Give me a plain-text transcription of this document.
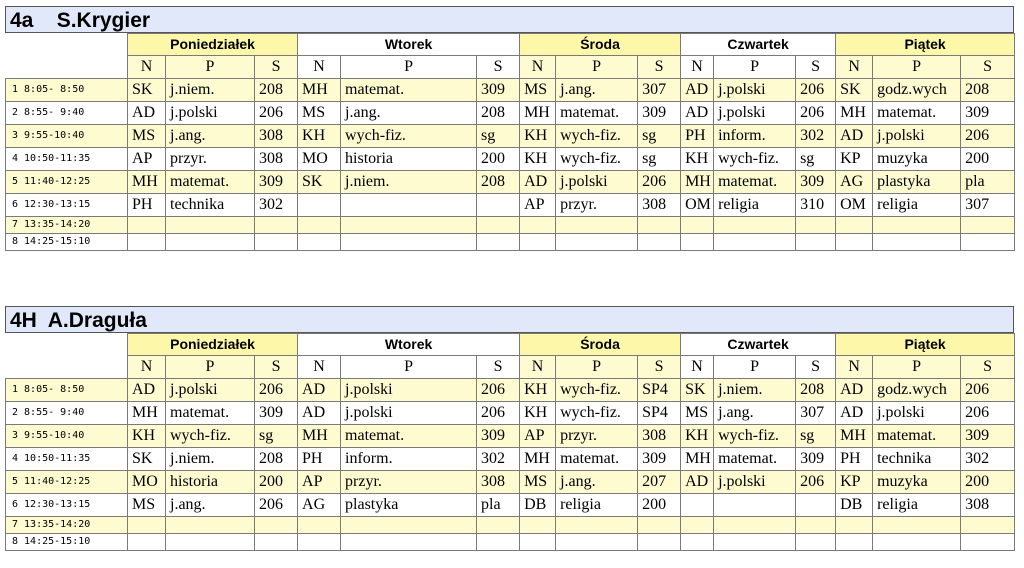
4a    S.Krygier
	Poniedziałek			Wtorek			Środa			Czwartek			Piątek		
	N	P	S	N	P	S	N	P	S	N	P	S	N	P	S
1 8:05- 8:50	SK	j.niem.	208	MH	matemat.	309	MS	j.ang.	307	AD	j.polski	206	SK	godz.wych	208
2 8:55- 9:40	AD	j.polski	206	MS	j.ang.	208	MH	matemat.	309	AD	j.polski	206	MH	matemat.	309
3 9:55-10:40	MS	j.ang.	308	KH	wych-fiz.	sg	KH	wych-fiz.	sg	PH	inform.	302	AD	j.polski	206
4 10:50-11:35	AP	przyr.	308	MO	historia	200	KH	wych-fiz.	sg	KH	wych-fiz.	sg	KP	muzyka	200
5 11:40-12:25	MH	matemat.	309	SK	j.niem.	208	AD	j.polski	206	MH	matemat.	309	AG	plastyka	pla
6 12:30-13:15	PH	technika	302				AP	przyr.	308	OM	religia	310	OM	religia	307
7 13:35-14:20															
8 14:25-15:10															
4H  A.Draguła
	Poniedziałek			Wtorek			Środa			Czwartek			Piątek		
	N	P	S	N	P	S	N	P	S	N	P	S	N	P	S
1 8:05- 8:50	AD	j.polski	206	AD	j.polski	206	KH	wych-fiz.	SP4	SK	j.niem.	208	AD	godz.wych	206
2 8:55- 9:40	MH	matemat.	309	AD	j.polski	206	KH	wych-fiz.	SP4	MS	j.ang.	307	AD	j.polski	206
3 9:55-10:40	KH	wych-fiz.	sg	MH	matemat.	309	AP	przyr.	308	KH	wych-fiz.	sg	MH	matemat.	309
4 10:50-11:35	SK	j.niem.	208	PH	inform.	302	MH	matemat.	309	MH	matemat.	309	PH	technika	302
5 11:40-12:25	MO	historia	200	AP	przyr.	308	MS	j.ang.	207	AD	j.polski	206	KP	muzyka	200
6 12:30-13:15	MS	j.ang.	206	AG	plastyka	pla	DB	religia	200				DB	religia	308
7 13:35-14:20															
8 14:25-15:10															
